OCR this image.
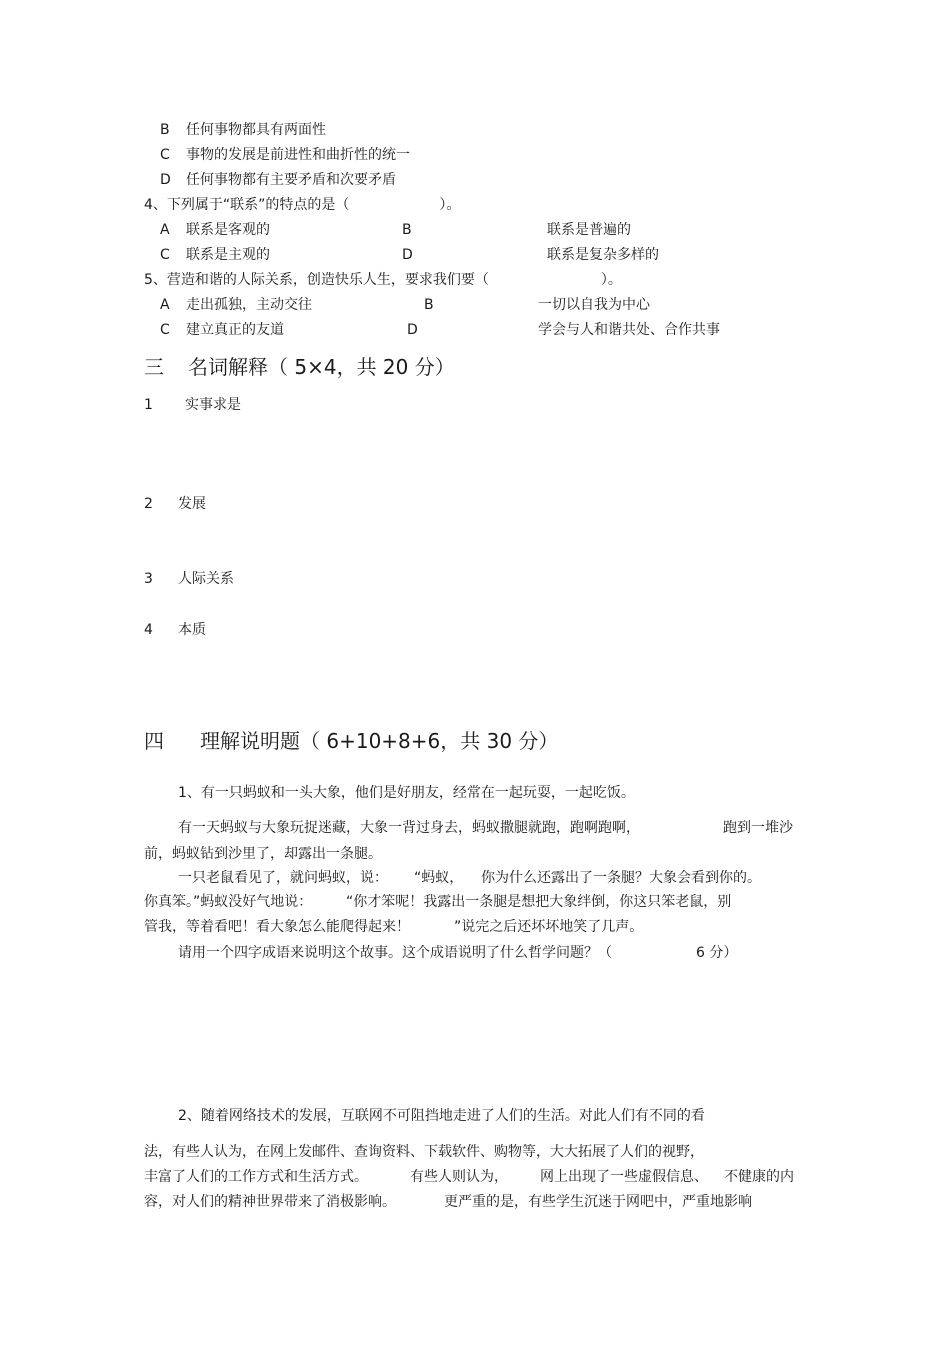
B 任何事物都具有两面性
C 事物的发展是前进性和曲折性的统一
D 任何事物都有主要矛盾和次要矛盾
4、下列属于“联系”的特点的是（	）。
A 联系是客观的	B	联系是普遍的
C 联系是主观的	D	联系是复杂多样的
5、营造和谐的人际关系，创造快乐人生，要求我们要（	）。
A 走出孤独，主动交往	B	一切以自我为中心
C 建立真正的友道	D	学会与人和谐共处、合作共事
三 名词解释（ 5×4，共 20 分）
1 实事求是
2 发展
3 人际关系
4 本质
四 理解说明题（ 6+10+8+6，共 30 分）
1、有一只蚂蚁和一头大象，他们是好朋友，经常在一起玩耍，一起吃饭。
有一天蚂蚁与大象玩捉迷藏，大象一背过身去，蚂蚁撒腿就跑，跑啊跑啊，	跑到一堆沙
前，蚂蚁钻到沙里了，却露出一条腿。
一只老鼠看见了，就问蚂蚁，说： “蚂蚁， 你为什么还露出了一条腿？大象会看到你的。
你真笨。”蚂蚁没好气地说： “你才笨呢！我露出一条腿是想把大象绊倒，你这只笨老鼠，别
管我，等着看吧！看大象怎么能爬得起来！	”说完之后还坏坏地笑了几声。
请用一个四字成语来说明这个故事。这个成语说明了什么哲学问题？（	6 分）
2、随着网络技术的发展，互联网不可阻挡地走进了人们的生活。对此人们有不同的看
法，有些人认为，在网上发邮件、查询资料、下载软件、购物等，大大拓展了人们的视野，
丰富了人们的工作方式和生活方式。	有些人则认为， 网上出现了一些虚假信息、 不健康的内
容，对人们的精神世界带来了消极影响。	更严重的是，有些学生沉迷于网吧中，严重地影响
